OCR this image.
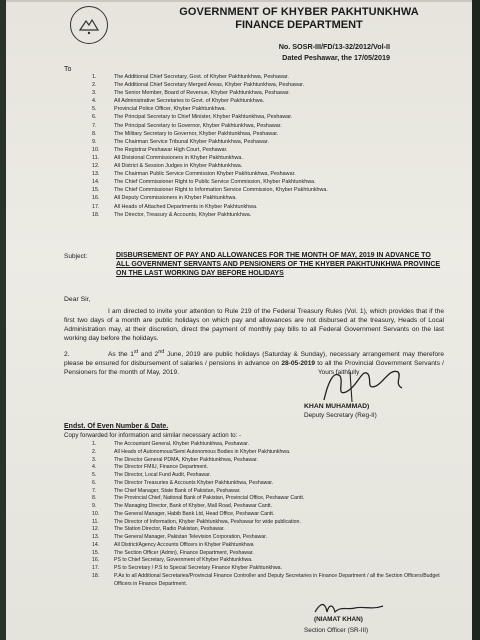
GOVERNMENT OF KHYBER PAKHTUNKHWA
FINANCE DEPARTMENT
No. SOSR-III/FD/13-32/2012/Vol-II
Dated Peshawar, the 17/05/2019
To
1.	The Additional Chief Secretary, Govt. of Khyber Pakhtunkhwa, Peshawar.
2.	The Additional Chief Secretary Merged Areas, Khyber Pakhtunkhwa, Peshawar.
3.	The Senior Member, Board of Revenue, Khyber Pakhtunkhwa, Peshawar.
4.	All Administrative Secretaries to Govt. of Khyber Pakhtunkhwa.
5.	Provincial Police Officer, Khyber Pakhtunkhwa.
6.	The Principal Secretary to Chief Minister, Khyber Pakhtunkhwa, Peshawar.
7.	The Principal Secretary to Governor, Khyber Pakhtunkhwa, Peshawar.
8.	The Military Secretary to Governor, Khyber Pakhtunkhwa, Peshawar.
9.	The Chairman Service Tribunal Khyber Pakhtunkhwa, Peshawar.
10.	The Registrar Peshawar High Court, Peshawar.
11.	All Divisional Commissioners in Khyber Pakhtunkhwa.
12.	All District & Session Judges in Khyber Pakhtunkhwa.
13.	The Chairman Public Service Commission Khyber Pakhtunkhwa, Peshawar.
14.	The Chief Commissioner Right to Public Service Commission, Khyber Pakhtunkhwa.
15.	The Chief Commissioner Right to Information Service Commission, Khyber Pakhtunkhwa.
16.	All Deputy Commissioners in Khyber Pakhtunkhwa.
17.	All Heads of Attached Departments in Khyber Pakhtunkhwa.
18.	The Director, Treasury & Accounts, Khyber Pakhtunkhwa.
Subject:	DISBURSEMENT OF PAY AND ALLOWANCES FOR THE MONTH OF MAY, 2019 IN ADVANCE TO ALL GOVERNMENT SERVANTS AND PENSIONERS OF THE KHYBER PAKHTUNKHWA PROVINCE ON THE LAST WORKING DAY BEFORE HOLIDAYS
Dear Sir,
I am directed to invite your attention to Rule 219 of the Federal Treasury Rules (Vol. 1), which provides that if the first two days of a month are public holidays on which pay and allowances are not disbursed at the treasury, Heads of Local Administration may, at their discretion, direct the payment of monthly pay bills to all Federal Government Servants on the last working day before the holidays.
2.	As the 1st and 2nd June, 2019 are public holidays (Saturday & Sunday), necessary arrangement may therefore please be ensured for disbursement of salaries / pensions in advance on 28-05-2019 to all the Provincial Government Servants / Pensioners for the month of May, 2019.	Yours faithfully
KHAN MUHAMMAD)
Deputy Secretary (Reg-II)
Endst. Of Even Number & Date.
Copy forwarded for information and similar necessary action to: -
1.	The Accountant General, Khyber Pakhtunkhwa, Peshawar.
2.	All Heads of Autonomous/Semi Autonomous Bodies in Khyber Pakhtunkhwa.
3.	The Director General PDMA, Khyber Pakhtunkhwa, Peshawar.
4.	The Director FMIU, Finance Department.
5.	The Director, Local Fund Audit, Peshawar.
6.	The Director Treasuries & Accounts Khyber Pakhtunkhwa, Peshawar.
7.	The Chief Manager, State Bank of Pakistan, Peshawar.
8.	The Provincial Chief, National Bank of Pakistan, Provincial Office, Peshawar Cantt.
9.	The Managing Director, Bank of Khyber, Mall Road, Peshawar Cantt.
10.	The General Manager, Habib Bank Ltd, Head Office, Peshawar Cantt.
11.	The Director of Information, Khyber Pakhtunkhwa, Peshawar for wide publication.
12.	The Station Director, Radio Pakistan, Peshawar.
13.	The General Manager, Pakistan Television Corporation, Peshawar.
14.	All District/Agency Accounts Officers in Khyber Pakhtunkhwa
15.	The Section Officer (Admn), Finance Department, Peshawar.
16.	PS to Chief Secretary, Government of Khyber Pakhtunkhwa.
17.	PS to Secretary / P.S to Special Secretary Finance Khyber Pakhtunkhwa.
18.	P.As to all Additional Secretaries/Provincial Finance Controller and Deputy Secretaries in Finance Department / all the Section Officers/Budget Officers in Finance Department.
(NIAMAT KHAN)
Section Officer (SR-III)
